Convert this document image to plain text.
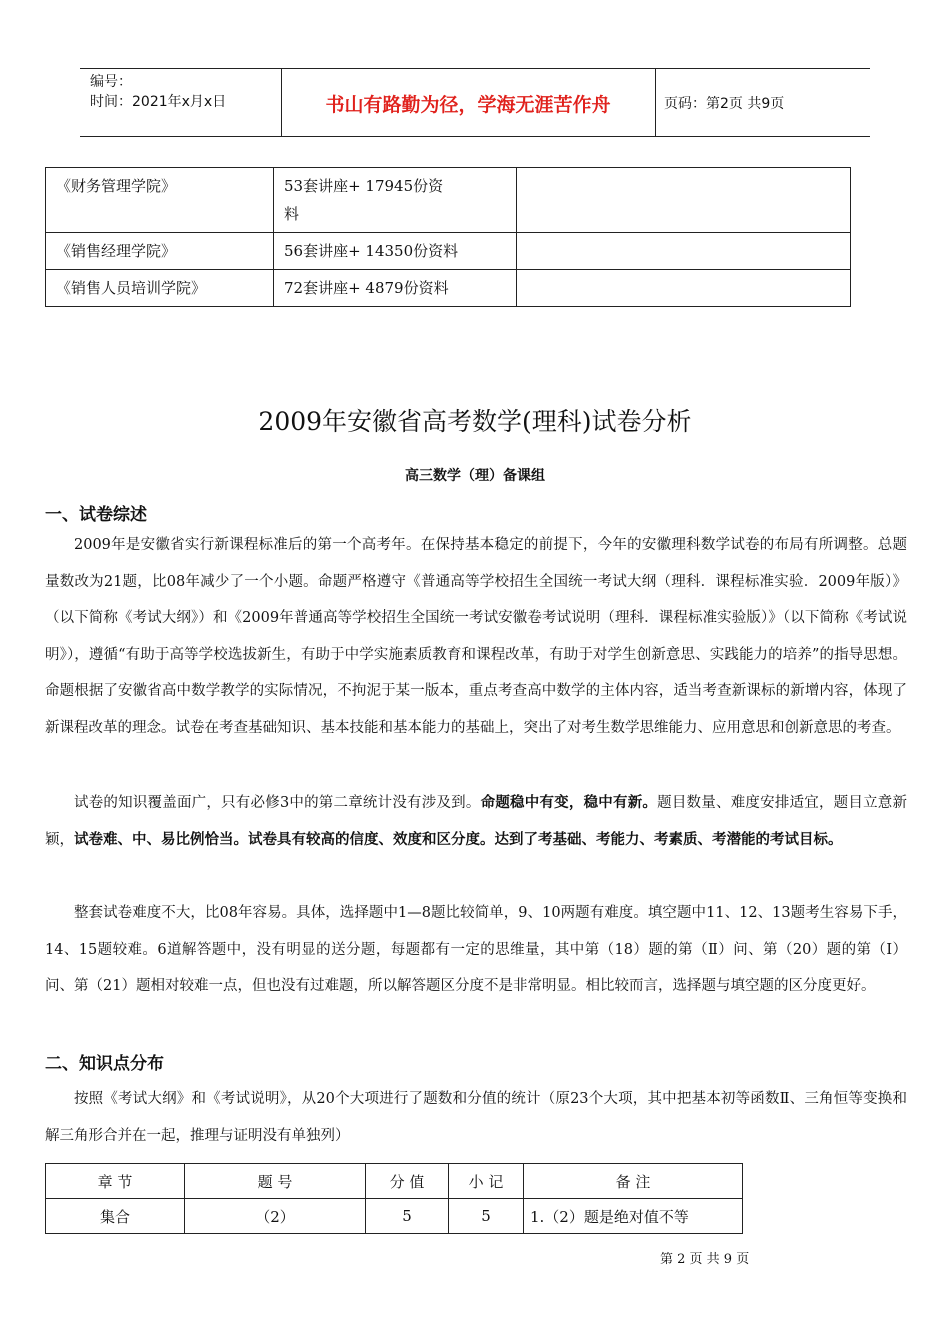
编号：
时间：2021年x月x日	书山有路勤为径，学海无涯苦作舟	页码：第2页 共9页
《财务管理学院》	53套讲座+ 17945份资
料	

《销售经理学院》	56套讲座+ 14350份资料	
《销售人员培训学院》	72套讲座+ 4879份资料	
2009年安徽省高考数学(理科)试卷分析
高三数学（理）备课组
一、试卷综述
2009年是安徽省实行新课程标准后的第一个高考年。在保持基本稳定的前提下，今年的安徽理科数学试卷的布局有所调整。总题量数改为21题，比08年减少了一个小题。命题严格遵守《普通高等学校招生全国统一考试大纲（理科．课程标准实验．2009年版）》（以下简称《考试大纲》）和《2009年普通高等学校招生全国统一考试安徽卷考试说明（理科．课程标准实验版）》（以下简称《考试说明》），遵循“有助于高等学校选拔新生，有助于中学实施素质教育和课程改革，有助于对学生创新意思、实践能力的培养”的指导思想。命题根据了安徽省高中数学教学的实际情况，不拘泥于某一版本，重点考查高中数学的主体内容，适当考查新课标的新增内容，体现了新课程改革的理念。试卷在考查基础知识、基本技能和基本能力的基础上，突出了对考生数学思维能力、应用意思和创新意思的考查。
试卷的知识覆盖面广，只有必修3中的第二章统计没有涉及到。命题稳中有变，稳中有新。题目数量、难度安排适宜，题目立意新颖，试卷难、中、易比例恰当。试卷具有较高的信度、效度和区分度。达到了考基础、考能力、考素质、考潜能的考试目标。
整套试卷难度不大，比08年容易。具体，选择题中1—8题比较简单，9、10两题有难度。填空题中11、12、13题考生容易下手，14、15题较难。6道解答题中，没有明显的送分题，每题都有一定的思维量，其中第（18）题的第（Ⅱ）问、第（20）题的第（Ⅰ）问、第（21）题相对较难一点，但也没有过难题，所以解答题区分度不是非常明显。相比较而言，选择题与填空题的区分度更好。
二、知识点分布
按照《考试大纲》和《考试说明》，从20个大项进行了题数和分值的统计（原23个大项，其中把基本初等函数Ⅱ、三角恒等变换和解三角形合并在一起，推理与证明没有单独列）
章 节	题 号	分 值	小 记	备 注
集合	（2）	5	5	1.（2）题是绝对值不等
第 2 页 共 9 页
